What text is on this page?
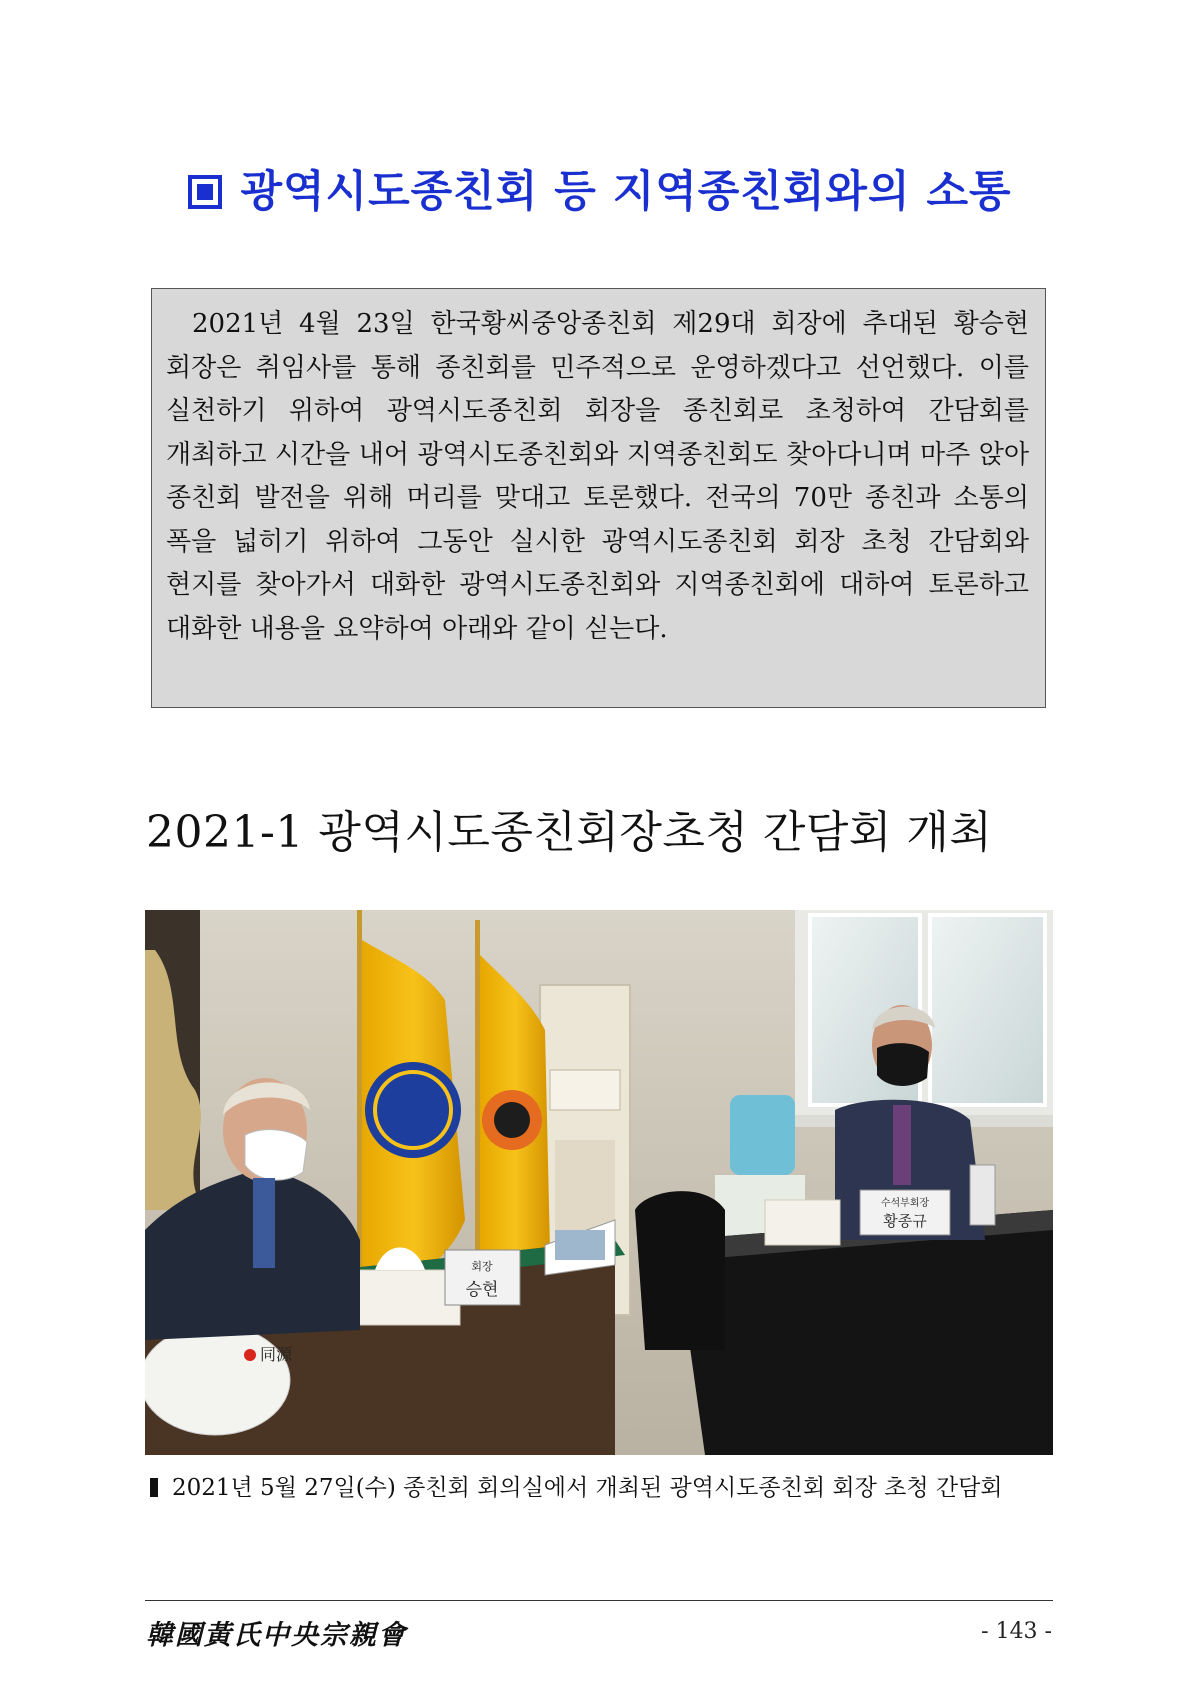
광역시도종친회 등 지역종친회와의 소통
2021년 4월 23일 한국황씨중앙종친회 제29대 회장에 추대된 황승현 회장은 취임사를 통해 종친회를 민주적으로 운영하겠다고 선언했다. 이를 실천하기 위하여 광역시도종친회 회장을 종친회로 초청하여 간담회를 개최하고 시간을 내어 광역시도종친회와 지역종친회도 찾아다니며 마주 앉아 종친회 발전을 위해 머리를 맞대고 토론했다. 전국의 70만 종친과 소통의 폭을 넓히기 위하여 그동안 실시한 광역시도종친회 회장 초청 간담회와 현지를 찾아가서 대화한 광역시도종친회와 지역종친회에 대하여 토론하고 대화한 내용을 요약하여 아래와 같이 싣는다.
2021-1 광역시도종친회장초청 간담회 개최
회장
승현
同源
수석부회장
황종규
2021년 5월 27일(수) 종친회 회의실에서 개최된 광역시도종친회 회장 초청 간담회
韓國黃氏中央宗親會	- 143 -
